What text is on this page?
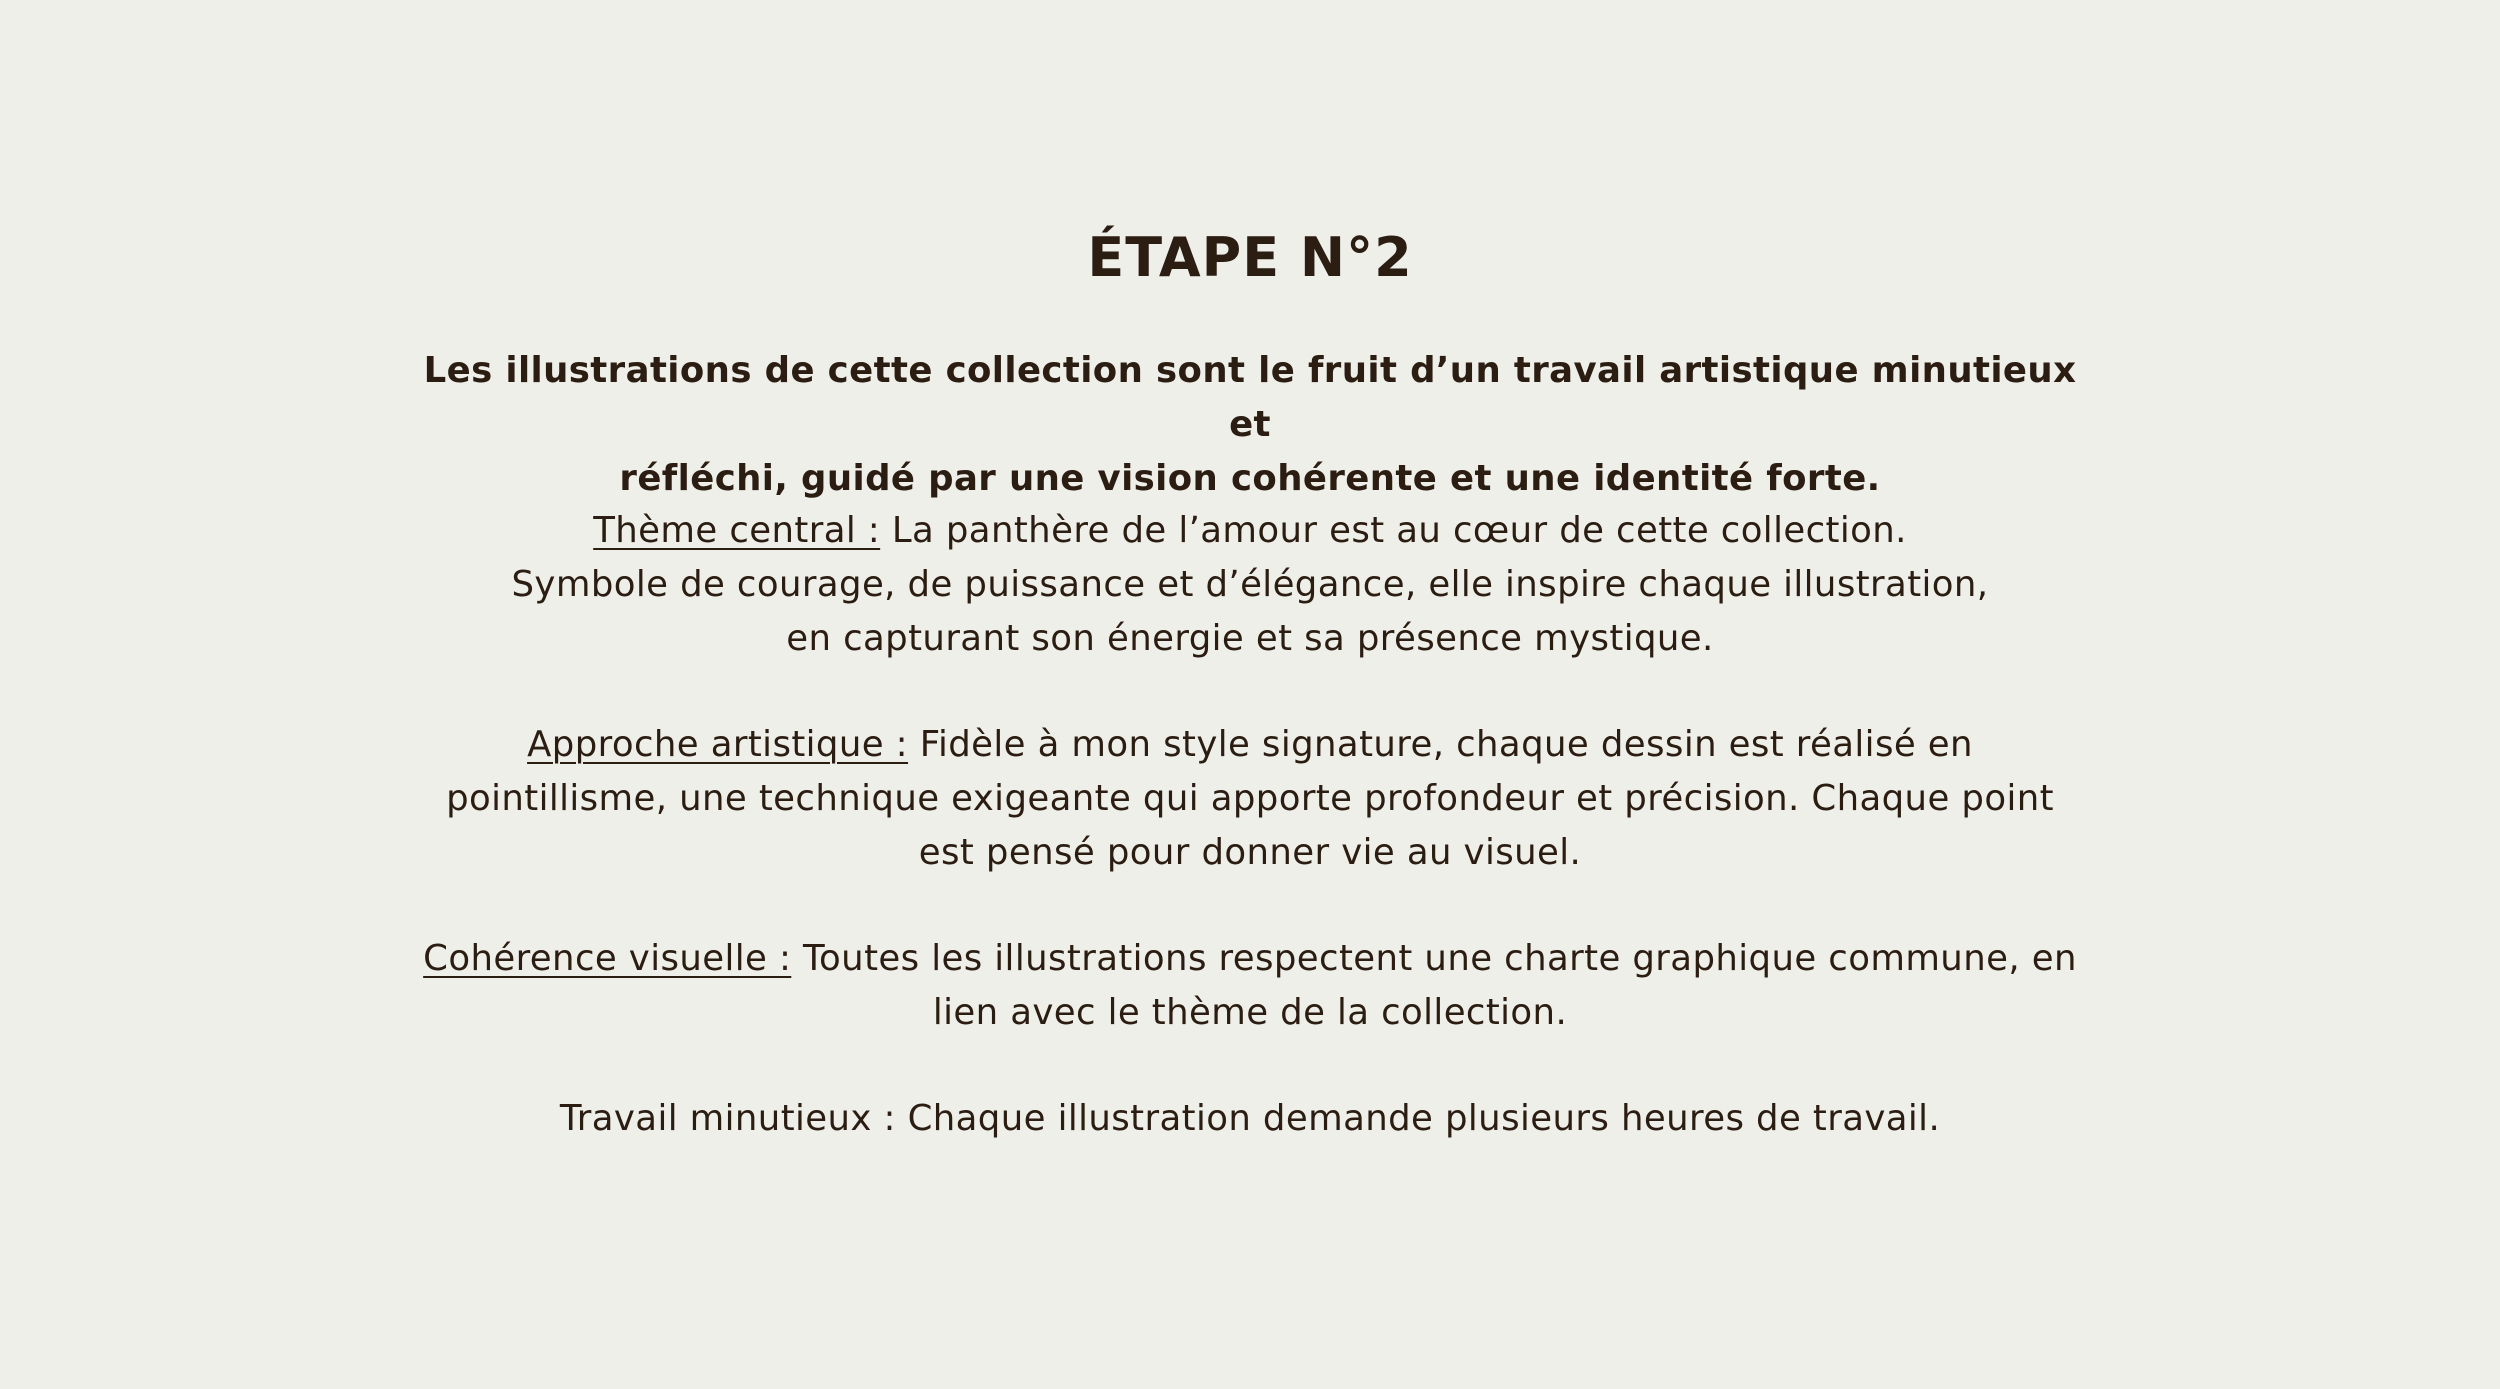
ÉTAPE N°2
Les illustrations de cette collection sont le fruit d’un travail artistique minutieux et
réfléchi, guidé par une vision cohérente et une identité forte.
Thème central : La panthère de l’amour est au cœur de cette collection.
Symbole de courage, de puissance et d’élégance, elle inspire chaque illustration,
en capturant son énergie et sa présence mystique.
Approche artistique : Fidèle à mon style signature, chaque dessin est réalisé en
pointillisme, une technique exigeante qui apporte profondeur et précision. Chaque point
est pensé pour donner vie au visuel.
Cohérence visuelle : Toutes les illustrations respectent une charte graphique commune, en
lien avec le thème de la collection.
Travail minutieux : Chaque illustration demande plusieurs heures de travail.
